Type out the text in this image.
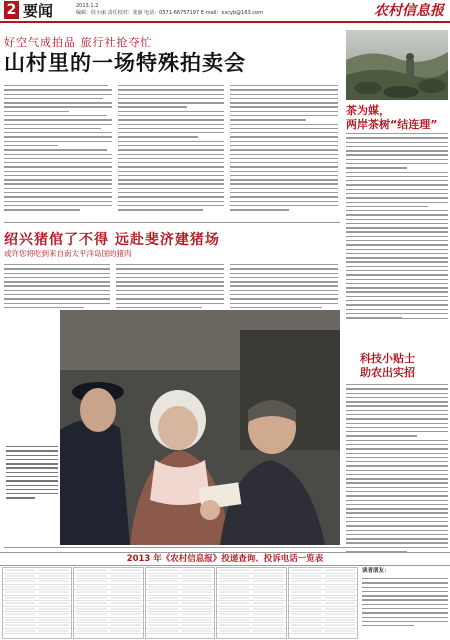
2 要闻	2013.1.2
编辑：段小丽 责任校对：张丽 电话：0571-66757197 E-mail：xxcyb@163.com	农村信息报
好空气成拍品 旅行社抢夺忙
山村里的一场特殊拍卖会
茶为媒，
两岸茶树“结连理”
科技小贴士
助农出实招
绍兴猪倌了不得 远赴斐济建猪场
或许您将吃到来自南太平洋岛国的猪肉
2013 年《农村信息报》投递查询、投诉电话一览表
读者朋友：
